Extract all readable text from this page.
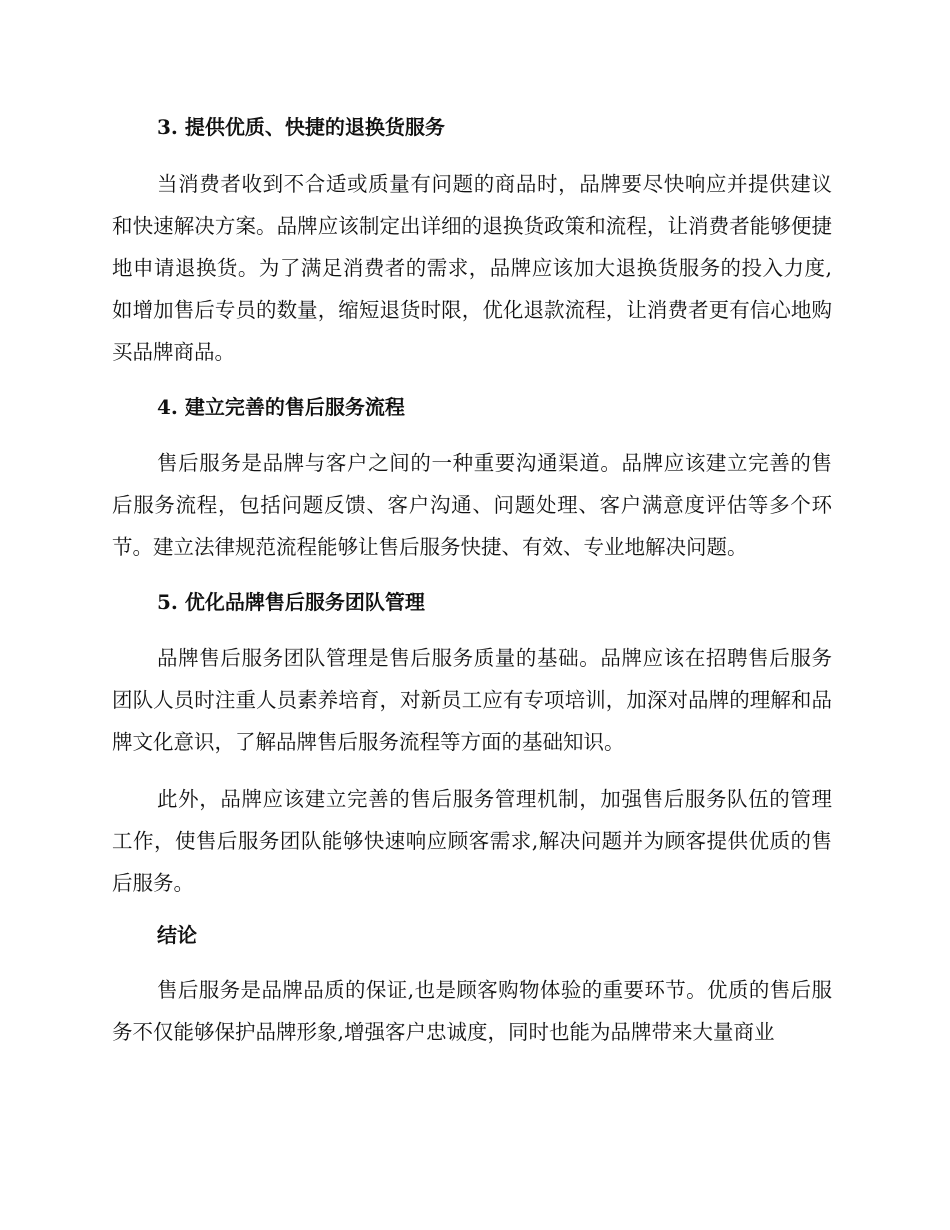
3. 提供优质、快捷的退换货服务

当消费者收到不合适或质量有问题的商品时，品牌要尽快响应并提供建议和快速解决方案。品牌应该制定出详细的退换货政策和流程，让消费者能够便捷地申请退换货。为了满足消费者的需求，品牌应该加大退换货服务的投入力度,如增加售后专员的数量，缩短退货时限，优化退款流程，让消费者更有信心地购买品牌商品。

4. 建立完善的售后服务流程

售后服务是品牌与客户之间的一种重要沟通渠道。品牌应该建立完善的售后服务流程，包括问题反馈、客户沟通、问题处理、客户满意度评估等多个环节。建立法律规范流程能够让售后服务快捷、有效、专业地解决问题。

5. 优化品牌售后服务团队管理

品牌售后服务团队管理是售后服务质量的基础。品牌应该在招聘售后服务团队人员时注重人员素养培育，对新员工应有专项培训，加深对品牌的理解和品牌文化意识，了解品牌售后服务流程等方面的基础知识。

此外，品牌应该建立完善的售后服务管理机制，加强售后服务队伍的管理工作，使售后服务团队能够快速响应顾客需求,解决问题并为顾客提供优质的售后服务。

结论

售后服务是品牌品质的保证,也是顾客购物体验的重要环节。优质的售后服务不仅能够保护品牌形象,增强客户忠诚度，同时也能为品牌带来大量商业
